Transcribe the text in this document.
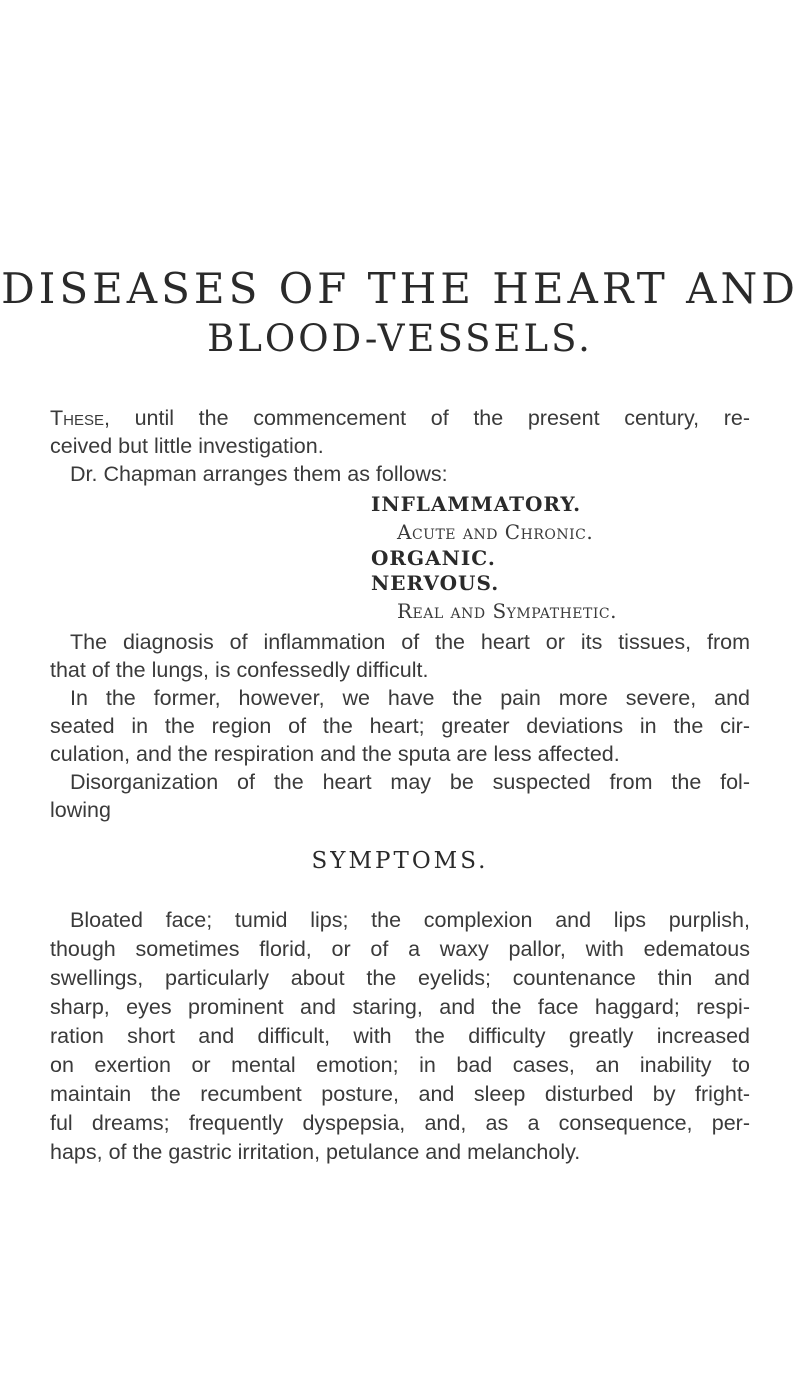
DISEASES OF THE HEART AND
BLOOD-VESSELS.
These, until the commencement of the present century, re-
ceived but little investigation.
Dr. Chapman arranges them as follows:
INFLAMMATORY.
Acute and Chronic.
ORGANIC.
NERVOUS.
Real and Sympathetic.
The diagnosis of inflammation of the heart or its tissues, from
that of the lungs, is confessedly difficult.
In the former, however, we have the pain more severe, and
seated in the region of the heart; greater deviations in the cir-
culation, and the respiration and the sputa are less affected.
Disorganization of the heart may be suspected from the fol-
lowing
SYMPTOMS.
Bloated face; tumid lips; the complexion and lips purplish,
though sometimes florid, or of a waxy pallor, with edematous
swellings, particularly about the eyelids; countenance thin and
sharp, eyes prominent and staring, and the face haggard; respi-
ration short and difficult, with the difficulty greatly increased
on exertion or mental emotion; in bad cases, an inability to
maintain the recumbent posture, and sleep disturbed by fright-
ful dreams; frequently dyspepsia, and, as a consequence, per-
haps, of the gastric irritation, petulance and melancholy.
